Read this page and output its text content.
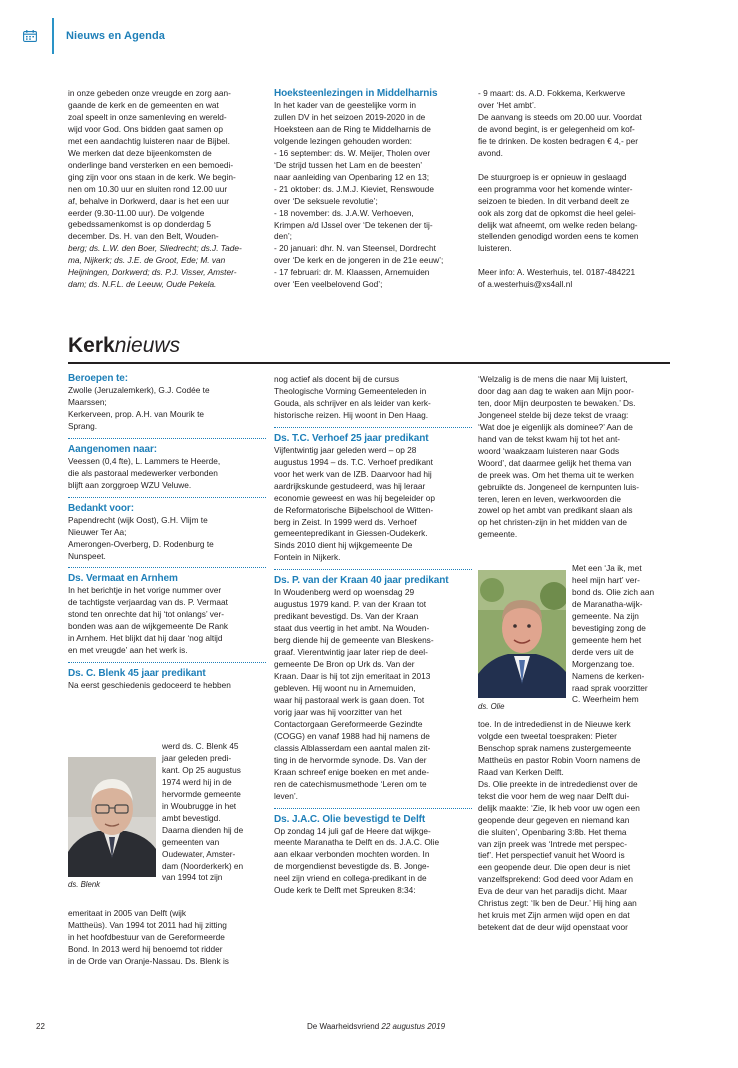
Nieuws en Agenda

in onze gebeden onze vreugde en zorg aan-

gaande de kerk en de gemeenten en wat

zoal speelt in onze samenleving en wereld-

wijd voor God. Ons bidden gaat samen op

met een aandachtig luisteren naar de Bijbel.

We merken dat deze bijeenkomsten de

onderlinge band versterken en een bemoedi-

ging zijn voor ons staan in de kerk. We begin-

nen om 10.30 uur en sluiten rond 12.00 uur

af, behalve in Dorkwerd, daar is het een uur

eerder (9.30-11.00 uur). De volgende

gebedssamenkomst is op donderdag 5

december. Ds. H. van den Belt, Wouden-

berg; ds. L.W. den Boer, Sliedrecht; ds.J. Tade-

ma, Nijkerk; ds. J.E. de Groot, Ede; M. van

Heijningen, Dorkwerd; ds. P.J. Visser, Amster-

dam; ds. N.F.L. de Leeuw, Oude Pekela.

Hoeksteenlezingen in Middelharnis

In het kader van de geestelijke vorm in

zullen DV in het seizoen 2019-2020 in de

Hoeksteen aan de Ring te Middelharnis de

volgende lezingen gehouden worden:

- 16 september: ds. W. Meijer, Tholen over

‘De strijd tussen het Lam en de beesten’

naar aanleiding van Openbaring 12 en 13;

- 21 oktober: ds. J.M.J. Kieviet, Renswoude

over ‘De seksuele revolutie’;

- 18 november: ds. J.A.W. Verhoeven,

Krimpen a/d IJssel over ‘De tekenen der tij-

den’;

- 20 januari: dhr. N. van Steensel, Dordrecht

over ‘De kerk en de jongeren in de 21e eeuw’;

- 17 februari: dr. M. Klaassen, Arnemuiden

over ‘Een veelbelovend God’;

- 9 maart: ds. A.D. Fokkema, Kerkwerve

over ‘Het ambt’.

De aanvang is steeds om 20.00 uur. Voordat

de avond begint, is er gelegenheid om kof-

fie te drinken. De kosten bedragen € 4,- per

avond.

De stuurgroep is er opnieuw in geslaagd

een programma voor het komende winter-

seizoen te bieden. In dit verband deelt ze

ook als zorg dat de opkomst die heel gelei-

delijk wat afneemt, om welke reden belang-

stellenden genodigd worden eens te komen

luisteren.

Meer info: A. Westerhuis, tel. 0187-484221

of a.westerhuis@xs4all.nl

Kerknieuws
Beroepen te:

Zwolle (Jeruzalemkerk), G.J. Codée te

Maarssen;

Kerkerveen, prop. A.H. van Mourik te

Sprang.

Aangenomen naar:

Veessen (0,4 fte), L. Lammers te Heerde,

die als pastoraal medewerker verbonden

blijft aan zorggroep WZU Veluwe.

Bedankt voor:

Papendrecht (wijk Oost), G.H. Vlijm te

Nieuwer Ter Aa;

Amerongen-Overberg, D. Rodenburg te

Nunspeet.

Ds. Vermaat en Arnhem

In het berichtje in het vorige nummer over

de tachtigste verjaardag van ds. P. Vermaat

stond ten onrechte dat hij ‘tot onlangs’ ver-

bonden was aan de wijkgemeente De Rank

in Arnhem. Het blijkt dat hij daar ‘nog altijd

en met vreugde’ aan het werk is.

Ds. C. Blenk 45 jaar predikant

Na eerst geschiedenis gedoceerd te hebben

ds. Blenk

werd ds. C. Blenk 45

jaar geleden predi-

kant. Op 25 augustus

1974 werd hij in de

hervormde gemeente

in Woubrugge in het

ambt bevestigd.

Daarna dienden hij de

gemeenten van

Oudewater, Amster-

dam (Noorderkerk) en

van 1994 tot zijn

emeritaat in 2005 van Delft (wijk

Mattheüs). Van 1994 tot 2011 had hij zitting

in het hoofdbestuur van de Gereformeerde

Bond. In 2013 werd hij benoemd tot ridder

in de Orde van Oranje-Nassau. Ds. Blenk is

nog actief als docent bij de cursus

Theologische Vorming Gemeenteleden in

Gouda, als schrijver en als leider van kerk-

historische reizen. Hij woont in Den Haag.

Ds. T.C. Verhoef 25 jaar predikant

Vijfentwintig jaar geleden werd – op 28

augustus 1994 – ds. T.C. Verhoef predikant

voor het werk van de IZB. Daarvoor had hij

aardrijkskunde gestudeerd, was hij leraar

economie geweest en was hij begeleider op

de Reformatorische Bijbelschool de Witten-

berg in Zeist. In 1999 werd ds. Verhoef

gemeentepredikant in Giessen-Oudekerk.

Sinds 2010 dient hij wijkgemeente De

Fontein in Nijkerk.

Ds. P. van der Kraan 40 jaar predikant

In Woudenberg werd op woensdag 29

augustus 1979 kand. P. van der Kraan tot

predikant bevestigd. Ds. Van der Kraan

staat dus veertig in het ambt. Na Wouden-

berg diende hij de gemeente van Bleskens-

graaf. Vierentwintig jaar later riep de deel-

gemeente De Bron op Urk ds. Van der

Kraan. Daar is hij tot zijn emeritaat in 2013

gebleven. Hij woont nu in Arnemuiden,

waar hij pastoraal werk is gaan doen. Tot

vorig jaar was hij voorzitter van het

Contactorgaan Gereformeerde Gezindte

(COGG) en vanaf 1988 had hij namens de

classis Alblasserdam een aantal malen zit-

ting in de hervormde synode. Ds. Van der

Kraan schreef enige boeken en met ande-

ren de catechismusmethode ‘Leren om te

leven’.

Ds. J.A.C. Olie bevestigd te Delft

Op zondag 14 juli gaf de Heere dat wijkge-

meente Maranatha te Delft en ds. J.A.C. Olie

aan elkaar verbonden mochten worden. In

de morgendienst bevestigde ds. B. Jonge-

neel zijn vriend en collega-predikant in de

Oude kerk te Delft met Spreuken 8:34:

‘Welzalig is de mens die naar Mij luistert,

door dag aan dag te waken aan Mijn poor-

ten, door Mijn deurposten te bewaken.’ Ds.

Jongeneel stelde bij deze tekst de vraag:

‘Wat doe je eigenlijk als dominee?’ Aan de

hand van de tekst kwam hij tot het ant-

woord ‘waakzaam luisteren naar Gods

Woord’, dat daarmee gelijk het thema van

de preek was. Om het thema uit te werken

gebruikte ds. Jongeneel de kernpunten luis-

teren, leren en leven, werkwoorden die

zowel op het ambt van predikant slaan als

op het christen-zijn in het midden van de

gemeente.

ds. Olie

Met een ‘Ja ik, met

heel mijn hart’ ver-

bond ds. Olie zich aan

de Maranatha-wijk-

gemeente. Na zijn

bevestiging zong de

gemeente hem het

derde vers uit de

Morgenzang toe.

Namens de kerken-

raad sprak voorzitter

C. Weerheim hem

toe. In de intrededienst in de Nieuwe kerk

volgde een tweetal toespraken: Pieter

Benschop sprak namens zustergemeente

Mattheüs en pastor Robin Voorn namens de

Raad van Kerken Delft.

Ds. Olie preekte in de intrededienst over de

tekst die voor hem de weg naar Delft dui-

delijk maakte: ‘Zie, Ik heb voor uw ogen een

geopende deur gegeven en niemand kan

die sluiten’, Openbaring 3:8b. Het thema

van zijn preek was ‘Intrede met perspec-

tief’. Het perspectief vanuit het Woord is

een geopende deur. Die open deur is niet

vanzelfsprekend: God deed voor Adam en

Eva de deur van het paradijs dicht. Maar

Christus zegt: ‘Ik ben de Deur.’ Hij hing aan

het kruis met Zijn armen wijd open en dat

betekent dat de deur wijd openstaat voor

22	De Waarheidsvriend 22 augustus 2019
